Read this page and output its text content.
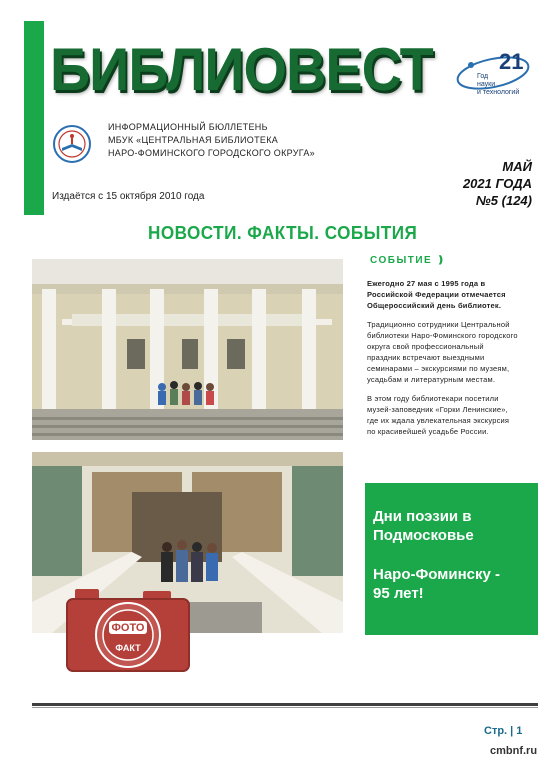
БИБЛИОВЕСТ	21
Год
науки
и технологий
ИНФОРМАЦИОННЫЙ БЮЛЛЕТЕНЬ
МБУК «ЦЕНТРАЛЬНАЯ БИБЛИОТЕКА
НАРО-ФОМИНСКОГО ГОРОДСКОГО ОКРУГА»
МАЙ
2021 ГОДА
№5 (124)
Издаётся с 15 октября 2010 года
НОВОСТИ. ФАКТЫ. СОБЫТИЯ
ФОТО
ФАКТ
СОБЫТИЕ ❫

Ежегодно 27 мая с 1995 года в Российской Федерации отмечается Общероссийский день библиотек.

Традиционно сотрудники Центральной библиотеки Наро-Фоминского городского округа свой профессиональный праздник встречают выездными семинарами – экскурсиями по музеям, усадьбам и литературным местам.

В этом году библиотекари посетили музей-заповедник «Горки Ленинские», где их ждала увлекательная экскурсия по красивейшей усадьбе России.

Дни поэзии в
Подмосковье
Наро-Фоминску -
95 лет!
Стр. | 1
cmbnf.ru
